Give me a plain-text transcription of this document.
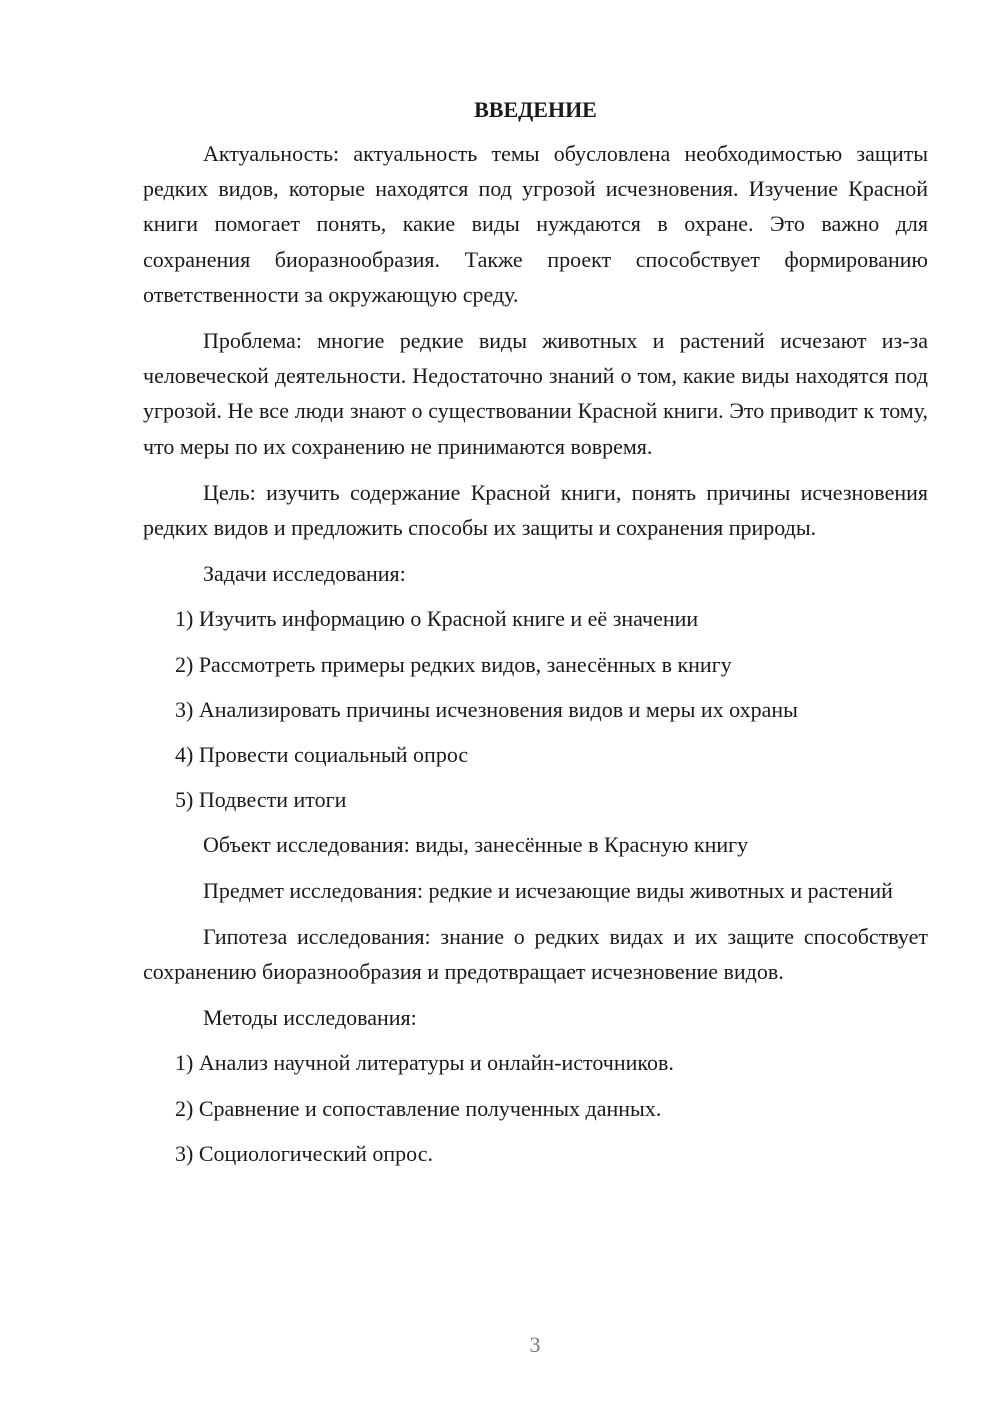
ВВЕДЕНИЕ

Актуальность: актуальность темы обусловлена необходимостью защиты редких видов, которые находятся под угрозой исчезновения. Изучение Красной книги помогает понять, какие виды нуждаются в охране. Это важно для сохранения биоразнообразия. Также проект способствует формированию ответственности за окружающую среду.

Проблема: многие редкие виды животных и растений исчезают из-за человеческой деятельности. Недостаточно знаний о том, какие виды находятся под угрозой. Не все люди знают о существовании Красной книги. Это приводит к тому, что меры по их сохранению не принимаются вовремя.

Цель: изучить содержание Красной книги, понять причины исчезновения редких видов и предложить способы их защиты и сохранения природы.

Задачи исследования:

1) Изучить информацию о Красной книге и её значении

2) Рассмотреть примеры редких видов, занесённых в книгу

3) Анализировать причины исчезновения видов и меры их охраны

4) Провести социальный опрос

5) Подвести итоги

Объект исследования: виды, занесённые в Красную книгу

Предмет исследования: редкие и исчезающие виды животных и растений

Гипотеза исследования: знание о редких видах и их защите способствует сохранению биоразнообразия и предотвращает исчезновение видов.

Методы исследования:

1) Анализ научной литературы и онлайн-источников.

2) Сравнение и сопоставление полученных данных.

3) Социологический опрос.

3
